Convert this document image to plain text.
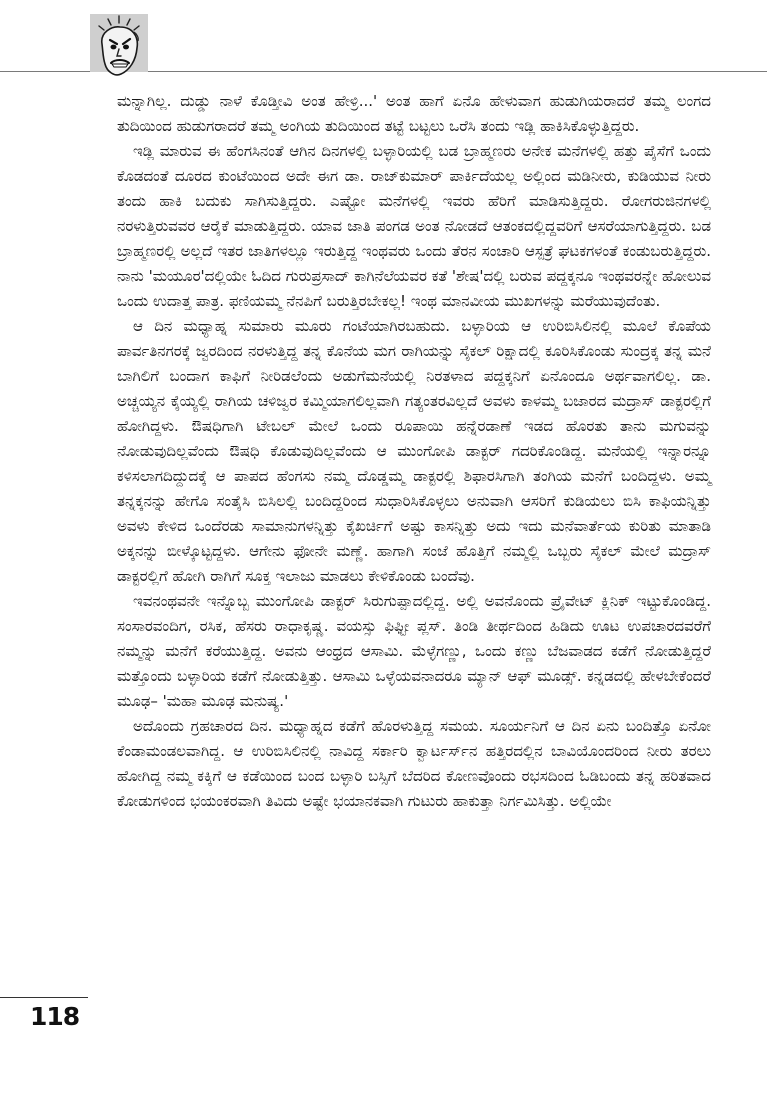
ಮನ್ನಾಗಿಲ್ಲ. ದುಡ್ಡು ನಾಳೆ ಕೊಡ್ತೀವಿ ಅಂತ ಹೇಳ್ರಿ...' ಅಂತ ಹಾಗೆ ಏನೊ ಹೇಳುವಾಗ ಹುಡುಗಿಯರಾದರೆ ತಮ್ಮ ಲಂಗದ ತುದಿಯಿಂದ ಹುಡುಗರಾದರೆ ತಮ್ಮ ಅಂಗಿಯ ತುದಿಯಿಂದ ತಟ್ಟೆ ಬಟ್ಟಲು ಒರೆಸಿ ತಂದು ಇಡ್ಲಿ ಹಾಕಿಸಿಕೊಳ್ಳುತ್ತಿದ್ದರು.

ಇಡ್ಲಿ ಮಾರುವ ಈ ಹೆಂಗಸಿನಂತೆ ಆಗಿನ ದಿನಗಳಲ್ಲಿ ಬಳ್ಳಾರಿಯಲ್ಲಿ ಬಡ ಬ್ರಾಹ್ಮಣರು ಅನೇಕ ಮನೆಗಳಲ್ಲಿ ಹತ್ತು ಪೈಸೆಗೆ ಒಂದು ಕೊಡದಂತೆ ದೂರದ ಕುಂಟೆಯಿಂದ ಅದೇ ಈಗ ಡಾ. ರಾಜ್‌ಕುಮಾರ್ ಪಾರ್ಕಿದೆಯಲ್ಲ ಅಲ್ಲಿಂದ ಮಡಿನೀರು, ಕುಡಿಯುವ ನೀರು ತಂದು ಹಾಕಿ ಬದುಕು ಸಾಗಿಸುತ್ತಿದ್ದರು. ಎಷ್ಟೋ ಮನೆಗಳಲ್ಲಿ ಇವರು ಹೆರಿಗೆ ಮಾಡಿಸುತ್ತಿದ್ದರು. ರೋಗರುಜಿನಗಳಲ್ಲಿ ನರಳುತ್ತಿರುವವರ ಆರೈಕೆ ಮಾಡುತ್ತಿದ್ದರು. ಯಾವ ಜಾತಿ ಪಂಗಡ ಅಂತ ನೋಡದೆ ಆತಂಕದಲ್ಲಿದ್ದವರಿಗೆ ಆಸರೆಯಾಗುತ್ತಿದ್ದರು. ಬಡ ಬ್ರಾಹ್ಮಣರಲ್ಲಿ ಅಲ್ಲದೆ ಇತರ ಜಾತಿಗಳಲ್ಲೂ ಇರುತ್ತಿದ್ದ ಇಂಥವರು ಒಂದು ತೆರನ ಸಂಚಾರಿ ಆಸ್ಪತ್ರೆ ಘಟಕಗಳಂತೆ ಕಂಡುಬರುತ್ತಿದ್ದರು. ನಾನು 'ಮಯೂರ'ದಲ್ಲಿಯೇ ಓದಿದ ಗುರುಪ್ರಸಾದ್ ಕಾಗಿನೆಲೆಯವರ ಕತೆ 'ಶೇಷ'ದಲ್ಲಿ ಬರುವ ಪದ್ದಕ್ಕನೂ ಇಂಥವರನ್ನೇ ಹೋಲುವ ಒಂದು ಉದಾತ್ತ ಪಾತ್ರ. ಫಣಿಯಮ್ಮ ನೆನಪಿಗೆ ಬರುತ್ತಿರಬೇಕಲ್ಲ! ಇಂಥ ಮಾನವೀಯ ಮುಖಗಳನ್ನು ಮರೆಯುವುದೆಂತು.

ಆ ದಿನ ಮಧ್ಯಾಹ್ನ ಸುಮಾರು ಮೂರು ಗಂಟೆಯಾಗಿರಬಹುದು. ಬಳ್ಳಾರಿಯ ಆ ಉರಿಬಿಸಿಲಿನಲ್ಲಿ ಮೂಲೆ ಕೊಪೆಯ ಪಾರ್ವತಿನಗರಕ್ಕೆ ಜ್ವರದಿಂದ ನರಳುತ್ತಿದ್ದ ತನ್ನ ಕೊನೆಯ ಮಗ ರಾಗಿಯನ್ನು ಸೈಕಲ್ ರಿಕ್ಷಾದಲ್ಲಿ ಕೂರಿಸಿಕೊಂಡು ಸುಂದ್ರಕ್ಕ ತನ್ನ ಮನೆ ಬಾಗಿಲಿಗೆ ಬಂದಾಗ ಕಾಫಿಗೆ ನೀರಿಡಲೆಂದು ಅಡುಗೆಮನೆಯಲ್ಲಿ ನಿರತಳಾದ ಪದ್ದಕ್ಕನಿಗೆ ಏನೊಂದೂ ಅರ್ಥವಾಗಲಿಲ್ಲ. ಡಾ. ಅಚ್ಚಯ್ಯನ ಕೈಯ್ಯಲ್ಲಿ ರಾಗಿಯ ಚಳಿಜ್ವರ ಕಮ್ಮಿಯಾಗಲಿಲ್ಲವಾಗಿ ಗತ್ಯಂತರವಿಲ್ಲದೆ ಅವಳು ಕಾಳಮ್ಮ ಬಜಾರದ ಮದ್ರಾಸ್ ಡಾಕ್ಟರಲ್ಲಿಗೆ ಹೋಗಿದ್ದಳು. ಔಷಧಿಗಾಗಿ ಟೇಬಲ್ ಮೇಲೆ ಒಂದು ರೂಪಾಯಿ ಹನ್ನೆರಡಾಣೆ ಇಡದ ಹೊರತು ತಾನು ಮಗುವನ್ನು ನೋಡುವುದಿಲ್ಲವೆಂದು ಔಷಧಿ ಕೊಡುವುದಿಲ್ಲವೆಂದು ಆ ಮುಂಗೋಪಿ ಡಾಕ್ಟರ್ ಗದರಿಕೊಂಡಿದ್ದ. ಮನೆಯಲ್ಲಿ ಇನ್ನಾರನ್ನೂ ಕಳಿಸಲಾಗದಿದ್ದುದಕ್ಕೆ ಆ ಪಾಪದ ಹೆಂಗಸು ನಮ್ಮ ದೊಡ್ಡಮ್ಮ ಡಾಕ್ಟರಲ್ಲಿ ಶಿಫಾರಸಿಗಾಗಿ ತಂಗಿಯ ಮನೆಗೆ ಬಂದಿದ್ದಳು. ಅಮ್ಮ ತನ್ನಕ್ಕನನ್ನು ಹೇಗೊ ಸಂತೈಸಿ ಬಿಸಿಲಲ್ಲಿ ಬಂದಿದ್ದರಿಂದ ಸುಧಾರಿಸಿಕೊಳ್ಳಲು ಅನುವಾಗಿ ಆಸರಿಗೆ ಕುಡಿಯಲು ಬಿಸಿ ಕಾಫಿಯನ್ನಿತ್ತು ಅವಳು ಕೇಳಿದ ಒಂದೆರಡು ಸಾಮಾನುಗಳನ್ನಿತ್ತು ಕೈಖರ್ಚಿಗೆ ಅಷ್ಟು ಕಾಸನ್ನಿತ್ತು ಅದು ಇದು ಮನೆವಾರ್ತೆಯ ಕುರಿತು ಮಾತಾಡಿ ಅಕ್ಕನನ್ನು ಬೀಳ್ಕೊಟ್ಟದ್ದಳು. ಆಗೇನು ಫೋನೇ ಮಣ್ಣೆ. ಹಾಗಾಗಿ ಸಂಜೆ ಹೊತ್ತಿಗೆ ನಮ್ಮಲ್ಲಿ ಒಬ್ಬರು ಸೈಕಲ್ ಮೇಲೆ ಮದ್ರಾಸ್ ಡಾಕ್ಟರಲ್ಲಿಗೆ ಹೋಗಿ ರಾಗಿಗೆ ಸೂಕ್ತ ಇಲಾಜು ಮಾಡಲು ಕೇಳಿಕೊಂಡು ಬಂದೆವು.

ಇವನಂಥವನೇ ಇನ್ನೊಬ್ಬ ಮುಂಗೋಪಿ ಡಾಕ್ಟರ್ ಸಿರುಗುಪ್ಪಾದಲ್ಲಿದ್ದ. ಅಲ್ಲಿ ಅವನೊಂದು ಪ್ರೈವೇಟ್ ಕ್ಲಿನಿಕ್ ಇಟ್ಟುಕೊಂಡಿದ್ದ. ಸಂಸಾರವಂದಿಗ, ರಸಿಕ, ಹೆಸರು ರಾಧಾಕೃಷ್ಣ. ವಯಸ್ಸು ಫಿಫ್ಟೀ ಪ್ಲಸ್. ತಿಂಡಿ ತೀರ್ಥದಿಂದ ಹಿಡಿದು ಊಟ ಉಪಚಾರದವರೆಗೆ ನಮ್ಮನ್ನು ಮನೆಗೆ ಕರೆಯುತ್ತಿದ್ದ. ಅವನು ಆಂಧ್ರದ ಆಸಾಮಿ. ಮೆಳ್ಳೆಗಣ್ಣು, ಒಂದು ಕಣ್ಣು ಬೆಜವಾಡದ ಕಡೆಗೆ ನೋಡುತ್ತಿದ್ದರೆ ಮತ್ತೊಂದು ಬಳ್ಳಾರಿಯ ಕಡೆಗೆ ನೋಡುತ್ತಿತ್ತು. ಆಸಾಮಿ ಒಳ್ಳೆಯವನಾದರೂ ಮ್ಯಾನ್ ಆಫ್ ಮೂಡ್ಸ್. ಕನ್ನಡದಲ್ಲಿ ಹೇಳಬೇಕೆಂದರೆ ಮೂಢ– 'ಮಹಾ ಮೂಢ ಮನುಷ್ಯ.'

ಅದೊಂದು ಗ್ರಹಚಾರದ ದಿನ. ಮಧ್ಯಾಹ್ನದ ಕಡೆಗೆ ಹೊರಳುತ್ತಿದ್ದ ಸಮಯ. ಸೂರ್ಯನಿಗೆ ಆ ದಿನ ಏನು ಬಂದಿತ್ತೊ ಏನೋ ಕೆಂಡಾಮಂಡಲವಾಗಿದ್ದ. ಆ ಉರಿಬಿಸಿಲಿನಲ್ಲಿ ನಾವಿದ್ದ ಸರ್ಕಾರಿ ಕ್ವಾರ್ಟರ್ಸ್‌ನ ಹತ್ತಿರದಲ್ಲಿನ ಬಾವಿಯೊಂದರಿಂದ ನೀರು ತರಲು ಹೋಗಿದ್ದ ನಮ್ಮ ಕಕ್ಕಿಗೆ ಆ ಕಡೆಯಿಂದ ಬಂದ ಬಳ್ಳಾರಿ ಬಸ್ಸಿಗೆ ಬೆದರಿದ ಕೋಣವೊಂದು ರಭಸದಿಂದ ಓಡಿಬಂದು ತನ್ನ ಹರಿತವಾದ ಕೋಡುಗಳಿಂದ ಭಯಂಕರವಾಗಿ ತಿವಿದು ಅಷ್ಟೇ ಭಯಾನಕವಾಗಿ ಗುಟುರು ಹಾಕುತ್ತಾ ನಿರ್ಗಮಿಸಿತ್ತು. ಅಲ್ಲಿಯೇ

118
